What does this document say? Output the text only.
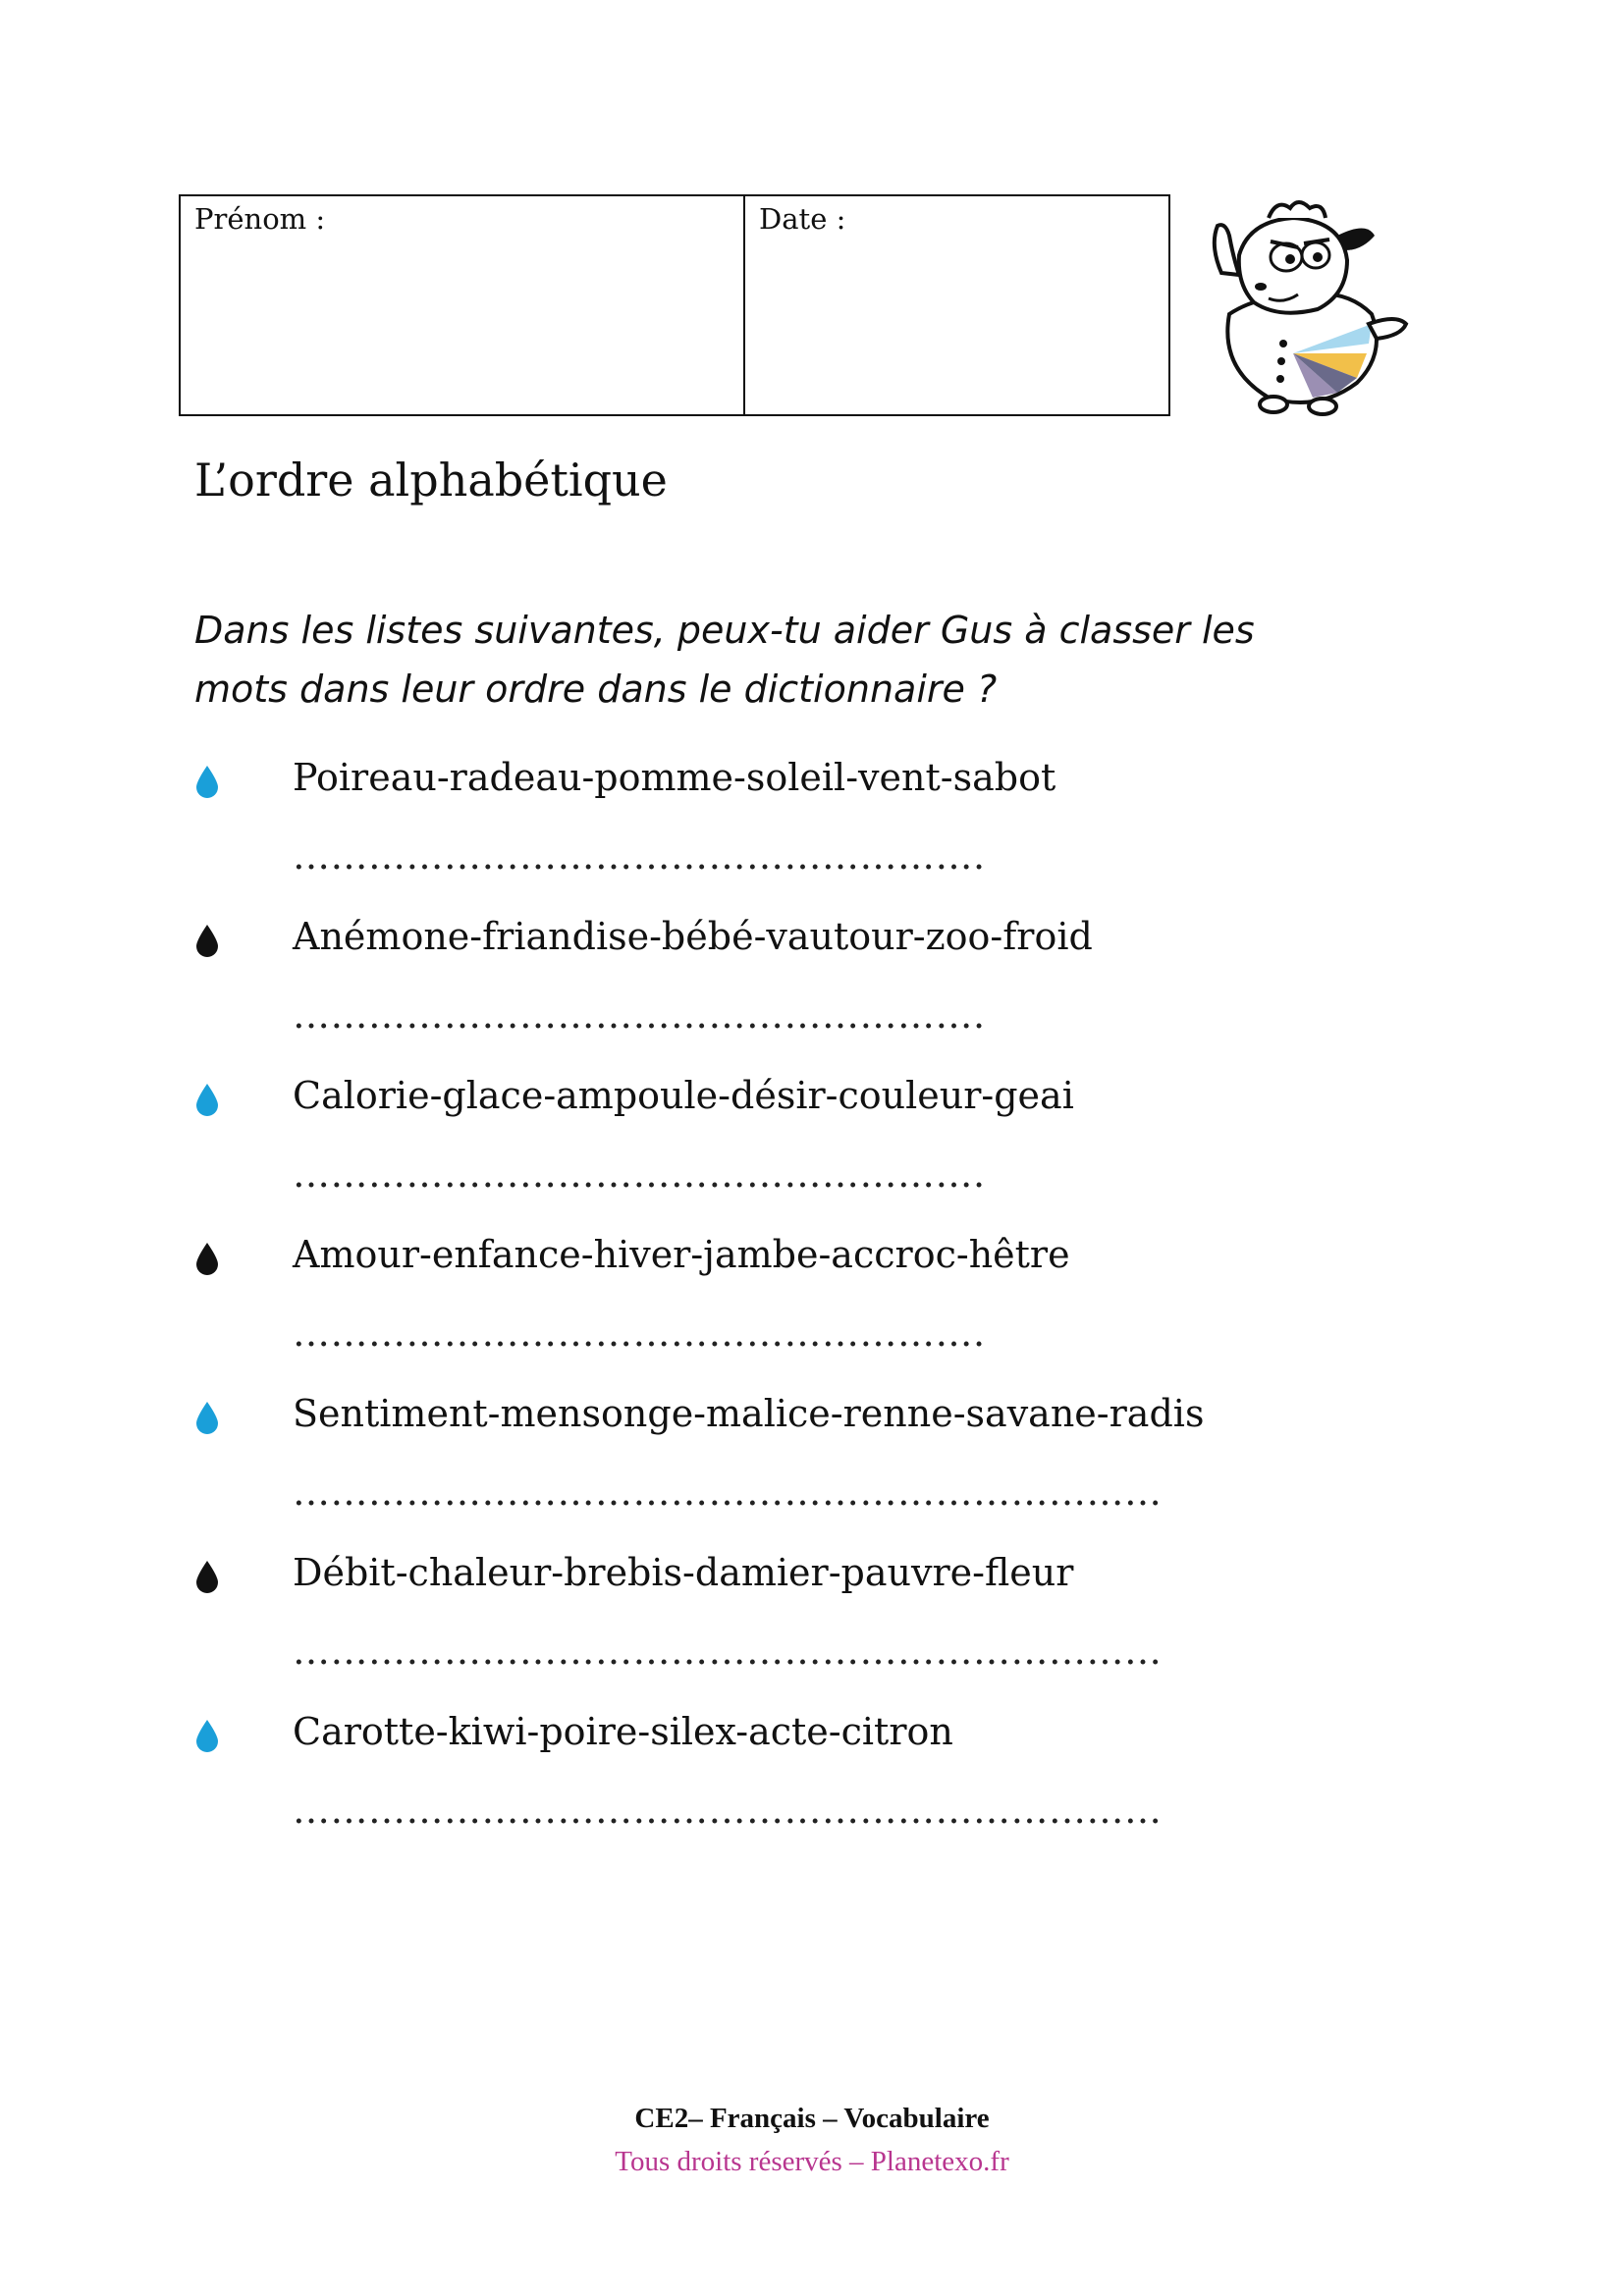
Prénom :	Date :
L’ordre alphabétique
Dans les listes suivantes, peux-tu aider Gus à classer les
mots dans leur ordre dans le dictionnaire ?
Poireau-radeau-pomme-soleil-vent-sabot
……………………………………………….
Anémone-friandise-bébé-vautour-zoo-froid
……………………………………………….
Calorie-glace-ampoule-désir-couleur-geai
……………………………………………….
Amour-enfance-hiver-jambe-accroc-hêtre
……………………………………………….
Sentiment-mensonge-malice-renne-savane-radis
……………………………………………………………
Débit-chaleur-brebis-damier-pauvre-fleur
……………………………………………………………
Carotte-kiwi-poire-silex-acte-citron
……………………………………………………………
CE2– Français – Vocabulaire
Tous droits réservés – Planetexo.fr
